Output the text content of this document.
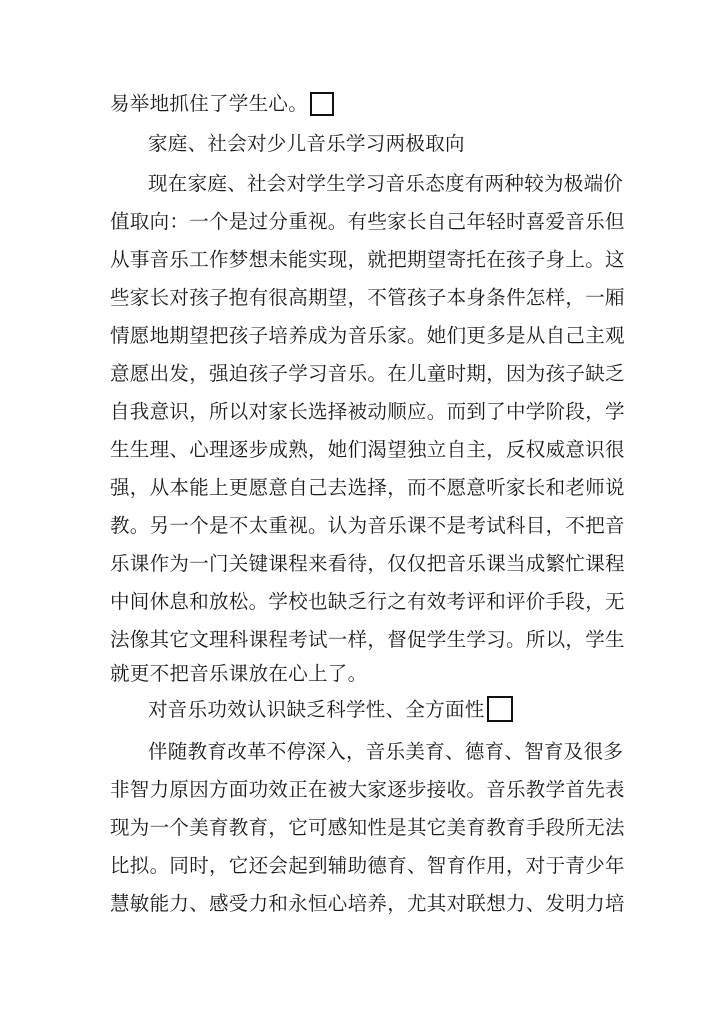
易举地抓住了学生心。
家庭、社会对少儿音乐学习两极取向
现在家庭、社会对学生学习音乐态度有两种较为极端价
值取向：一个是过分重视。有些家长自己年轻时喜爱音乐但
从事音乐工作梦想未能实现，就把期望寄托在孩子身上。这
些家长对孩子抱有很高期望，不管孩子本身条件怎样，一厢
情愿地期望把孩子培养成为音乐家。她们更多是从自己主观
意愿出发，强迫孩子学习音乐。在儿童时期，因为孩子缺乏
自我意识，所以对家长选择被动顺应。而到了中学阶段，学
生生理、心理逐步成熟，她们渴望独立自主，反权威意识很
强，从本能上更愿意自己去选择，而不愿意听家长和老师说
教。另一个是不太重视。认为音乐课不是考试科目，不把音
乐课作为一门关键课程来看待，仅仅把音乐课当成繁忙课程
中间休息和放松。学校也缺乏行之有效考评和评价手段，无
法像其它文理科课程考试一样，督促学生学习。所以，学生
就更不把音乐课放在心上了。
对音乐功效认识缺乏科学性、全方面性
伴随教育改革不停深入，音乐美育、德育、智育及很多
非智力原因方面功效正在被大家逐步接收。音乐教学首先表
现为一个美育教育，它可感知性是其它美育教育手段所无法
比拟。同时，它还会起到辅助德育、智育作用，对于青少年
慧敏能力、感受力和永恒心培养，尤其对联想力、发明力培
